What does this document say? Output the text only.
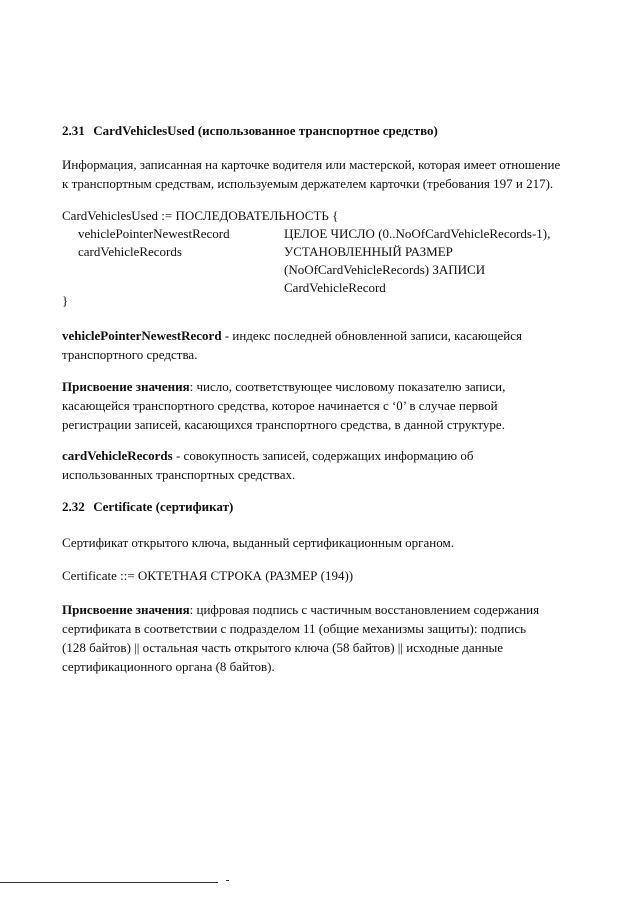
2.31 CardVehiclesUsed (использованное транспортное средство)
Информация, записанная на карточке водителя или мастерской, которая имеет отношение
к транспортным средствам, используемым держателем карточки (требования 197 и 217).
CardVehiclesUsed := ПОСЛЕДОВАТЕЛЬНОСТЬ {
vehiclePointerNewestRecord	ЦЕЛОЕ ЧИСЛО (0..NoOfCardVehicleRecords-1),
cardVehicleRecords	УСТАНОВЛЕННЫЙ РАЗМЕР
(NoOfCardVehicleRecords) ЗАПИСИ
CardVehicleRecord
}
vehiclePointerNewestRecord - индекс последней обновленной записи, касающейся
транспортного средства.
Присвоение значения: число, соответствующее числовому показателю записи,
касающейся транспортного средства, которое начинается с ‘0’ в случае первой
регистрации записей, касающихся транспортного средства, в данной структуре.
cardVehicleRecords - совокупность записей, содержащих информацию об
использованных транспортных средствах.
2.32 Certificate (сертификат)
Сертификат открытого ключа, выданный сертификационным органом.
Certificate ::= ОКТЕТНАЯ СТРОКА (РАЗМЕР (194))
Присвоение значения: цифровая подпись с частичным восстановлением содержания
сертификата в соответствии с подразделом 11 (общие механизмы защиты): подпись
(128 байтов) || остальная часть открытого ключа (58 байтов) || исходные данные
сертификационного органа (8 байтов).
